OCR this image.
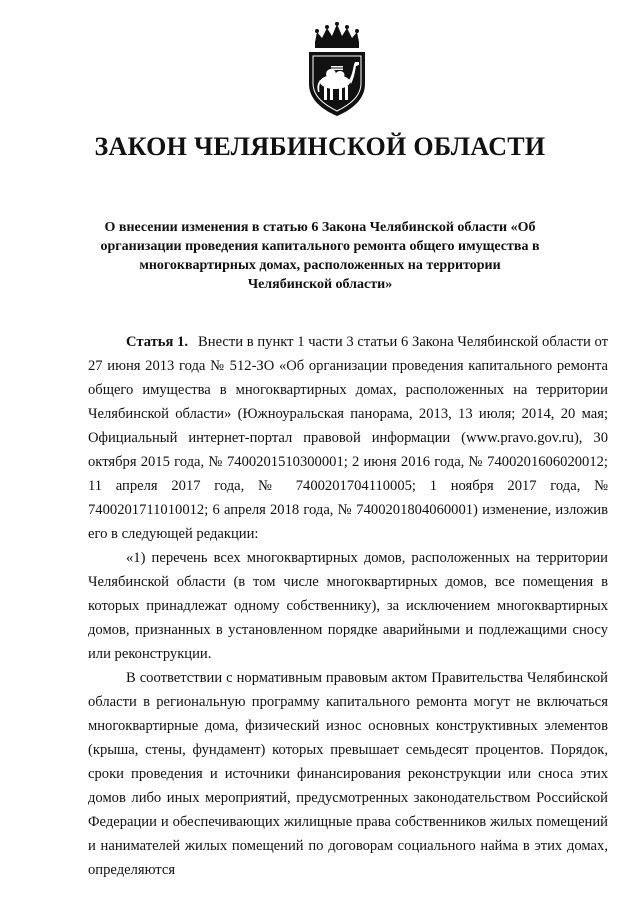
ЗАКОН ЧЕЛЯБИНСКОЙ ОБЛАСТИ

О внесении изменения в статью 6 Закона Челябинской области «Об организации проведения капитального ремонта общего имущества в многоквартирных домах, расположенных на территории Челябинской области»

Статья 1. Внести в пункт 1 части 3 статьи 6 Закона Челябинской области от 27 июня 2013 года № 512-ЗО «Об организации проведения капитального ремонта общего имущества в многоквартирных домах, расположенных на территории Челябинской области» (Южноуральская панорама, 2013, 13 июля; 2014, 20 мая; Официальный интернет-портал правовой информации (www.pravo.gov.ru), 30 октября 2015 года, № 7400201510300001; 2 июня 2016 года, № 7400201606020012; 11 апреля 2017 года, № 7400201704110005; 1 ноября 2017 года, № 7400201711010012; 6 апреля 2018 года, № 7400201804060001) изменение, изложив его в следующей редакции:

«1) перечень всех многоквартирных домов, расположенных на территории Челябинской области (в том числе многоквартирных домов, все помещения в которых принадлежат одному собственнику), за исключением многоквартирных домов, признанных в установленном порядке аварийными и подлежащими сносу или реконструкции.

В соответствии с нормативным правовым актом Правительства Челябинской области в региональную программу капитального ремонта могут не включаться многоквартирные дома, физический износ основных конструктивных элементов (крыша, стены, фундамент) которых превышает семьдесят процентов. Порядок, сроки проведения и источники финансирования реконструкции или сноса этих домов либо иных мероприятий, предусмотренных законодательством Российской Федерации и обеспечивающих жилищные права собственников жилых помещений и нанимателей жилых помещений по договорам социального найма в этих домах, определяются
